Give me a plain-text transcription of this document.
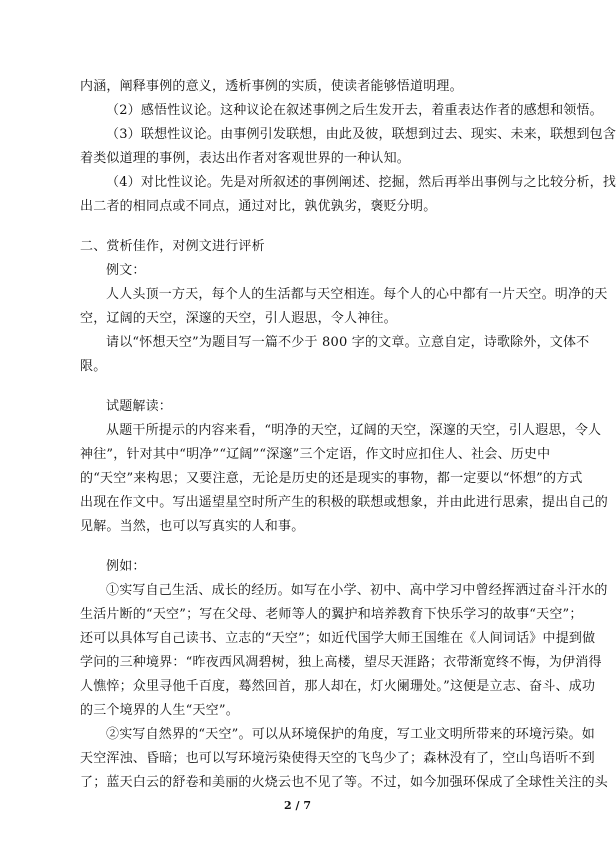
内涵，阐释事例的意义，透析事例的实质，使读者能够悟道明理。
（2）感悟性议论。这种议论在叙述事例之后生发开去，着重表达作者的感想和领悟。
（3）联想性议论。由事例引发联想，由此及彼，联想到过去、现实、未来，联想到包含
着类似道理的事例，表达出作者对客观世界的一种认知。
（4）对比性议论。先是对所叙述的事例阐述、挖掘，然后再举出事例与之比较分析，找
出二者的相同点或不同点，通过对比，孰优孰劣，褒贬分明。
二、赏析佳作，对例文进行评析
例文：
人人头顶一方天，每个人的生活都与天空相连。每个人的心中都有一片天空。明净的天
空，辽阔的天空，深邃的天空，引人遐思，令人神往。
请以“怀想天空”为题目写一篇不少于 800 字的文章。立意自定，诗歌除外，文体不
限。
试题解读：
从题干所提示的内容来看，“明净的天空，辽阔的天空，深邃的天空，引人遐思，令人
神往”，针对其中“明净”“辽阔”“深邃”三个定语，作文时应扣住人、社会、历史中
的“天空”来构思；又要注意，无论是历史的还是现实的事物，都一定要以“怀想”的方式
出现在作文中。写出遥望星空时所产生的积极的联想或想象，并由此进行思索，提出自己的
见解。当然，也可以写真实的人和事。
例如：
①实写自己生活、成长的经历。如写在小学、初中、高中学习中曾经挥洒过奋斗汗水的
生活片断的“天空”；写在父母、老师等人的翼护和培养教育下快乐学习的故事“天空”；
还可以具体写自己读书、立志的“天空”；如近代国学大师王国维在《人间词话》中提到做
学问的三种境界：“昨夜西风凋碧树，独上高楼，望尽天涯路；衣带渐宽终不悔，为伊消得
人憔悴；众里寻他千百度，蓦然回首，那人却在，灯火阑珊处。”这便是立志、奋斗、成功
的三个境界的人生“天空”。
②实写自然界的“天空”。可以从环境保护的角度，写工业文明所带来的环境污染。如
天空浑浊、昏暗；也可以写环境污染使得天空的飞鸟少了；森林没有了，空山鸟语听不到
了；蓝天白云的舒卷和美丽的火烧云也不见了等。不过，如今加强环保成了全球性关注的头
2 / 7
